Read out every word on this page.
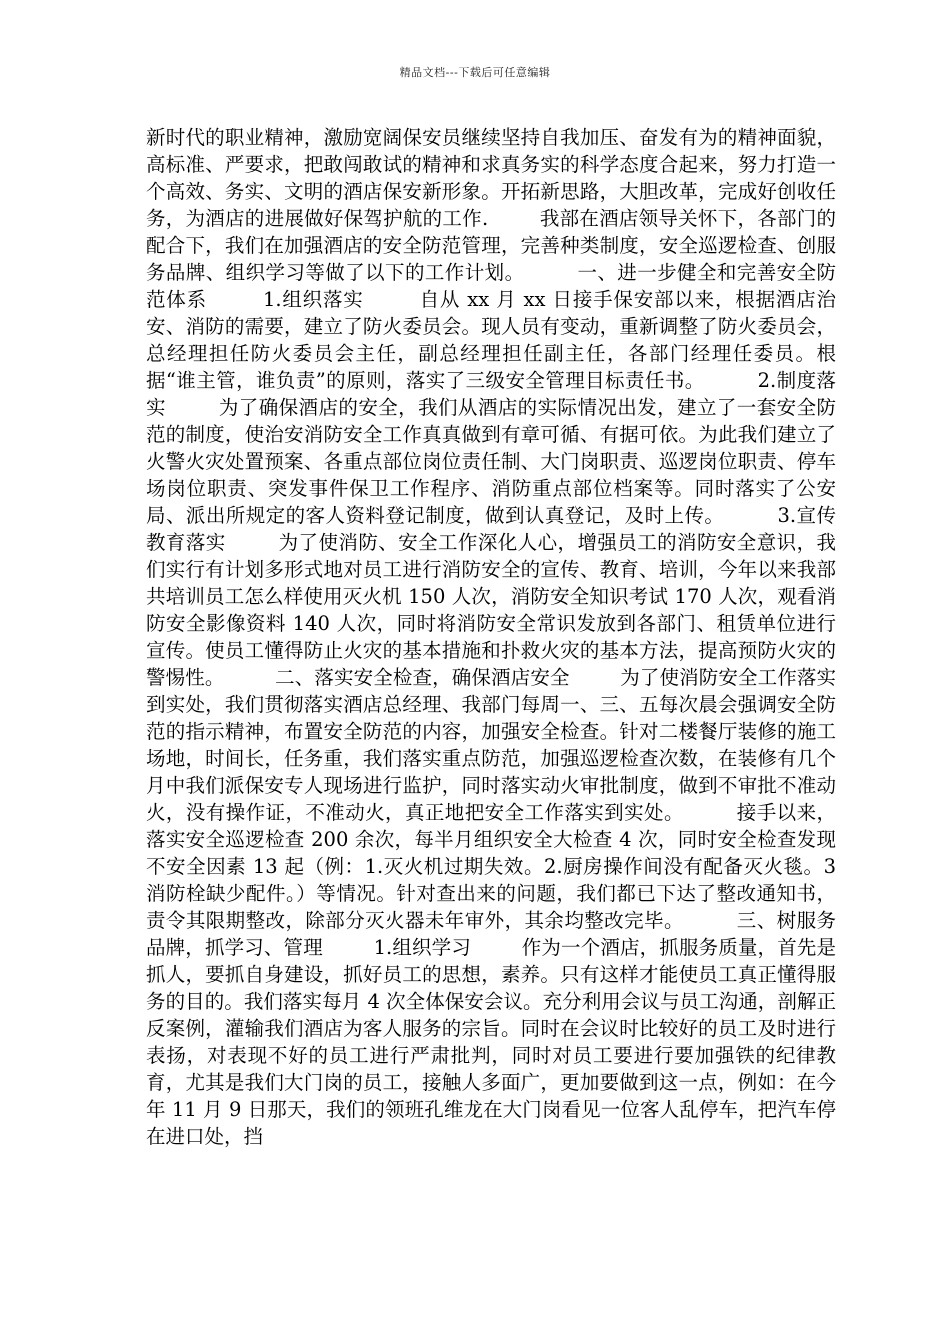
精品文档---下载后可任意编辑

新时代的职业精神，激励宽阔保安员继续坚持自我加压、奋发有为的精神面貌，高标准、严要求，把敢闯敢试的精神和求真务实的科学态度合起来，努力打造一个高效、务实、文明的酒店保安新形象。开拓新思路，大胆改革，完成好创收任务，为酒店的进展做好保驾护航的工作.        我部在酒店领导关怀下，各部门的配合下，我们在加强酒店的安全防范管理，完善种类制度，安全巡逻检查、创服务品牌、组织学习等做了以下的工作计划。        一、进一步健全和完善安全防范体系        1.组织落实        自从 xx 月 xx 日接手保安部以来，根据酒店治安、消防的需要，建立了防火委员会。现人员有变动，重新调整了防火委员会，总经理担任防火委员会主任，副总经理担任副主任，各部门经理任委员。根据“谁主管，谁负责”的原则，落实了三级安全管理目标责任书。        2.制度落实        为了确保酒店的安全，我们从酒店的实际情况出发，建立了一套安全防范的制度，使治安消防安全工作真真做到有章可循、有据可依。为此我们建立了火警火灾处置预案、各重点部位岗位责任制、大门岗职责、巡逻岗位职责、停车场岗位职责、突发事件保卫工作程序、消防重点部位档案等。同时落实了公安局、派出所规定的客人资料登记制度，做到认真登记，及时上传。        3.宣传教育落实        为了使消防、安全工作深化人心，增强员工的消防安全意识，我们实行有计划多形式地对员工进行消防安全的宣传、教育、培训，今年以来我部共培训员工怎么样使用灭火机 150 人次，消防安全知识考试 170 人次，观看消防安全影像资料 140 人次，同时将消防安全常识发放到各部门、租赁单位进行宣传。使员工懂得防止火灾的基本措施和扑救火灾的基本方法，提高预防火灾的警惕性。        二、落实安全检查，确保酒店安全        为了使消防安全工作落实到实处，我们贯彻落实酒店总经理、我部门每周一、三、五每次晨会强调安全防范的指示精神，布置安全防范的内容，加强安全检查。针对二楼餐厅装修的施工场地，时间长，任务重，我们落实重点防范，加强巡逻检查次数，在装修有几个月中我们派保安专人现场进行监护，同时落实动火审批制度，做到不审批不准动火，没有操作证，不准动火，真正地把安全工作落实到实处。        接手以来，落实安全巡逻检查 200 余次，每半月组织安全大检查 4 次，同时安全检查发现不安全因素 13 起（例：1.灭火机过期失效。2.厨房操作间没有配备灭火毯。3 消防栓缺少配件。）等情况。针对查出来的问题，我们都已下达了整改通知书，责令其限期整改，除部分灭火器未年审外，其余均整改完毕。        三、树服务品牌，抓学习、管理        1.组织学习        作为一个酒店，抓服务质量，首先是抓人，要抓自身建设，抓好员工的思想，素养。只有这样才能使员工真正懂得服务的目的。我们落实每月 4 次全体保安会议。充分利用会议与员工沟通，剖解正反案例，灌输我们酒店为客人服务的宗旨。同时在会议时比较好的员工及时进行表扬，对表现不好的员工进行严肃批判，同时对员工要进行要加强铁的纪律教育，尤其是我们大门岗的员工，接触人多面广，更加要做到这一点，例如：在今年 11 月 9 日那天，我们的领班孔维龙在大门岗看见一位客人乱停车，把汽车停在进口处，挡
